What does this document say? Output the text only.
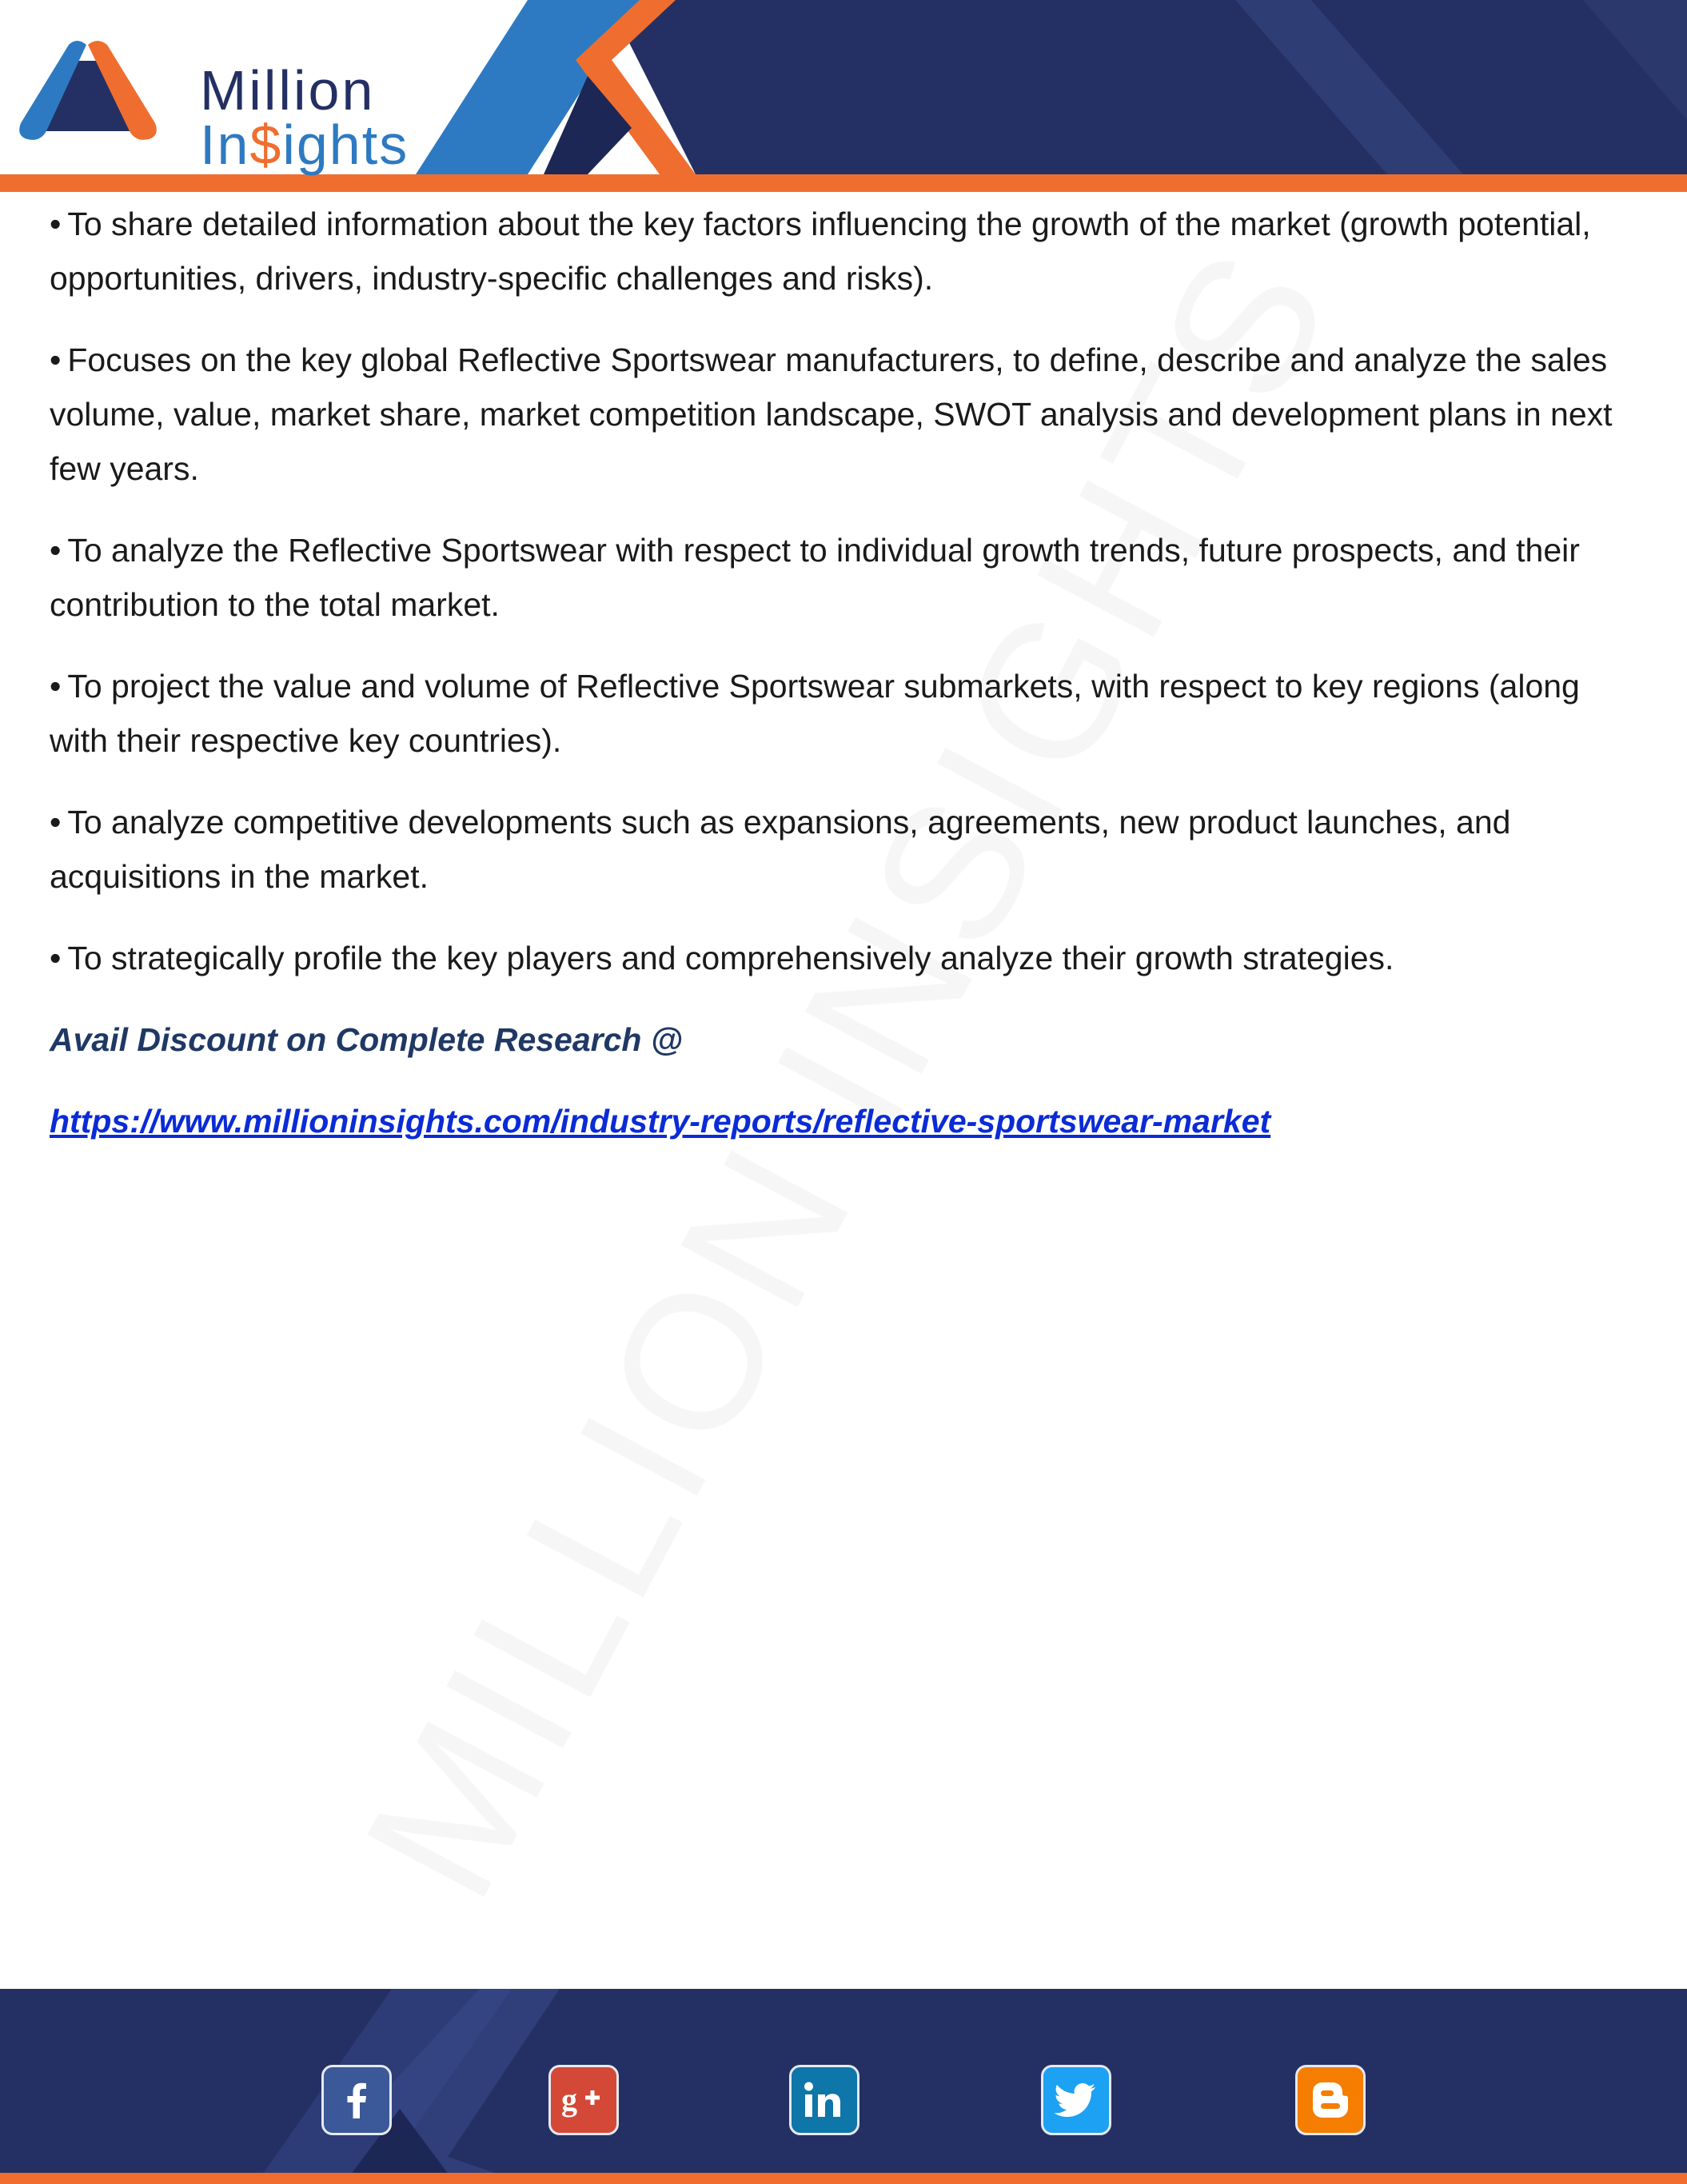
Million
In$ights

• To share detailed information about the key factors influencing the growth of the market (growth potential, opportunities, drivers, industry-specific challenges and risks).

• Focuses on the key global Reflective Sportswear manufacturers, to define, describe and analyze the sales volume, value, market share, market competition landscape, SWOT analysis and development plans in next few years.

• To analyze the Reflective Sportswear with respect to individual growth trends, future prospects, and their contribution to the total market.

• To project the value and volume of Reflective Sportswear submarkets, with respect to key regions (along with their respective key countries).

• To analyze competitive developments such as expansions, agreements, new product launches, and acquisitions in the market.

• To strategically profile the key players and comprehensively analyze their growth strategies.

Avail Discount on Complete Research @

https://www.millioninsights.com/industry-reports/reflective-sportswear-market

g
